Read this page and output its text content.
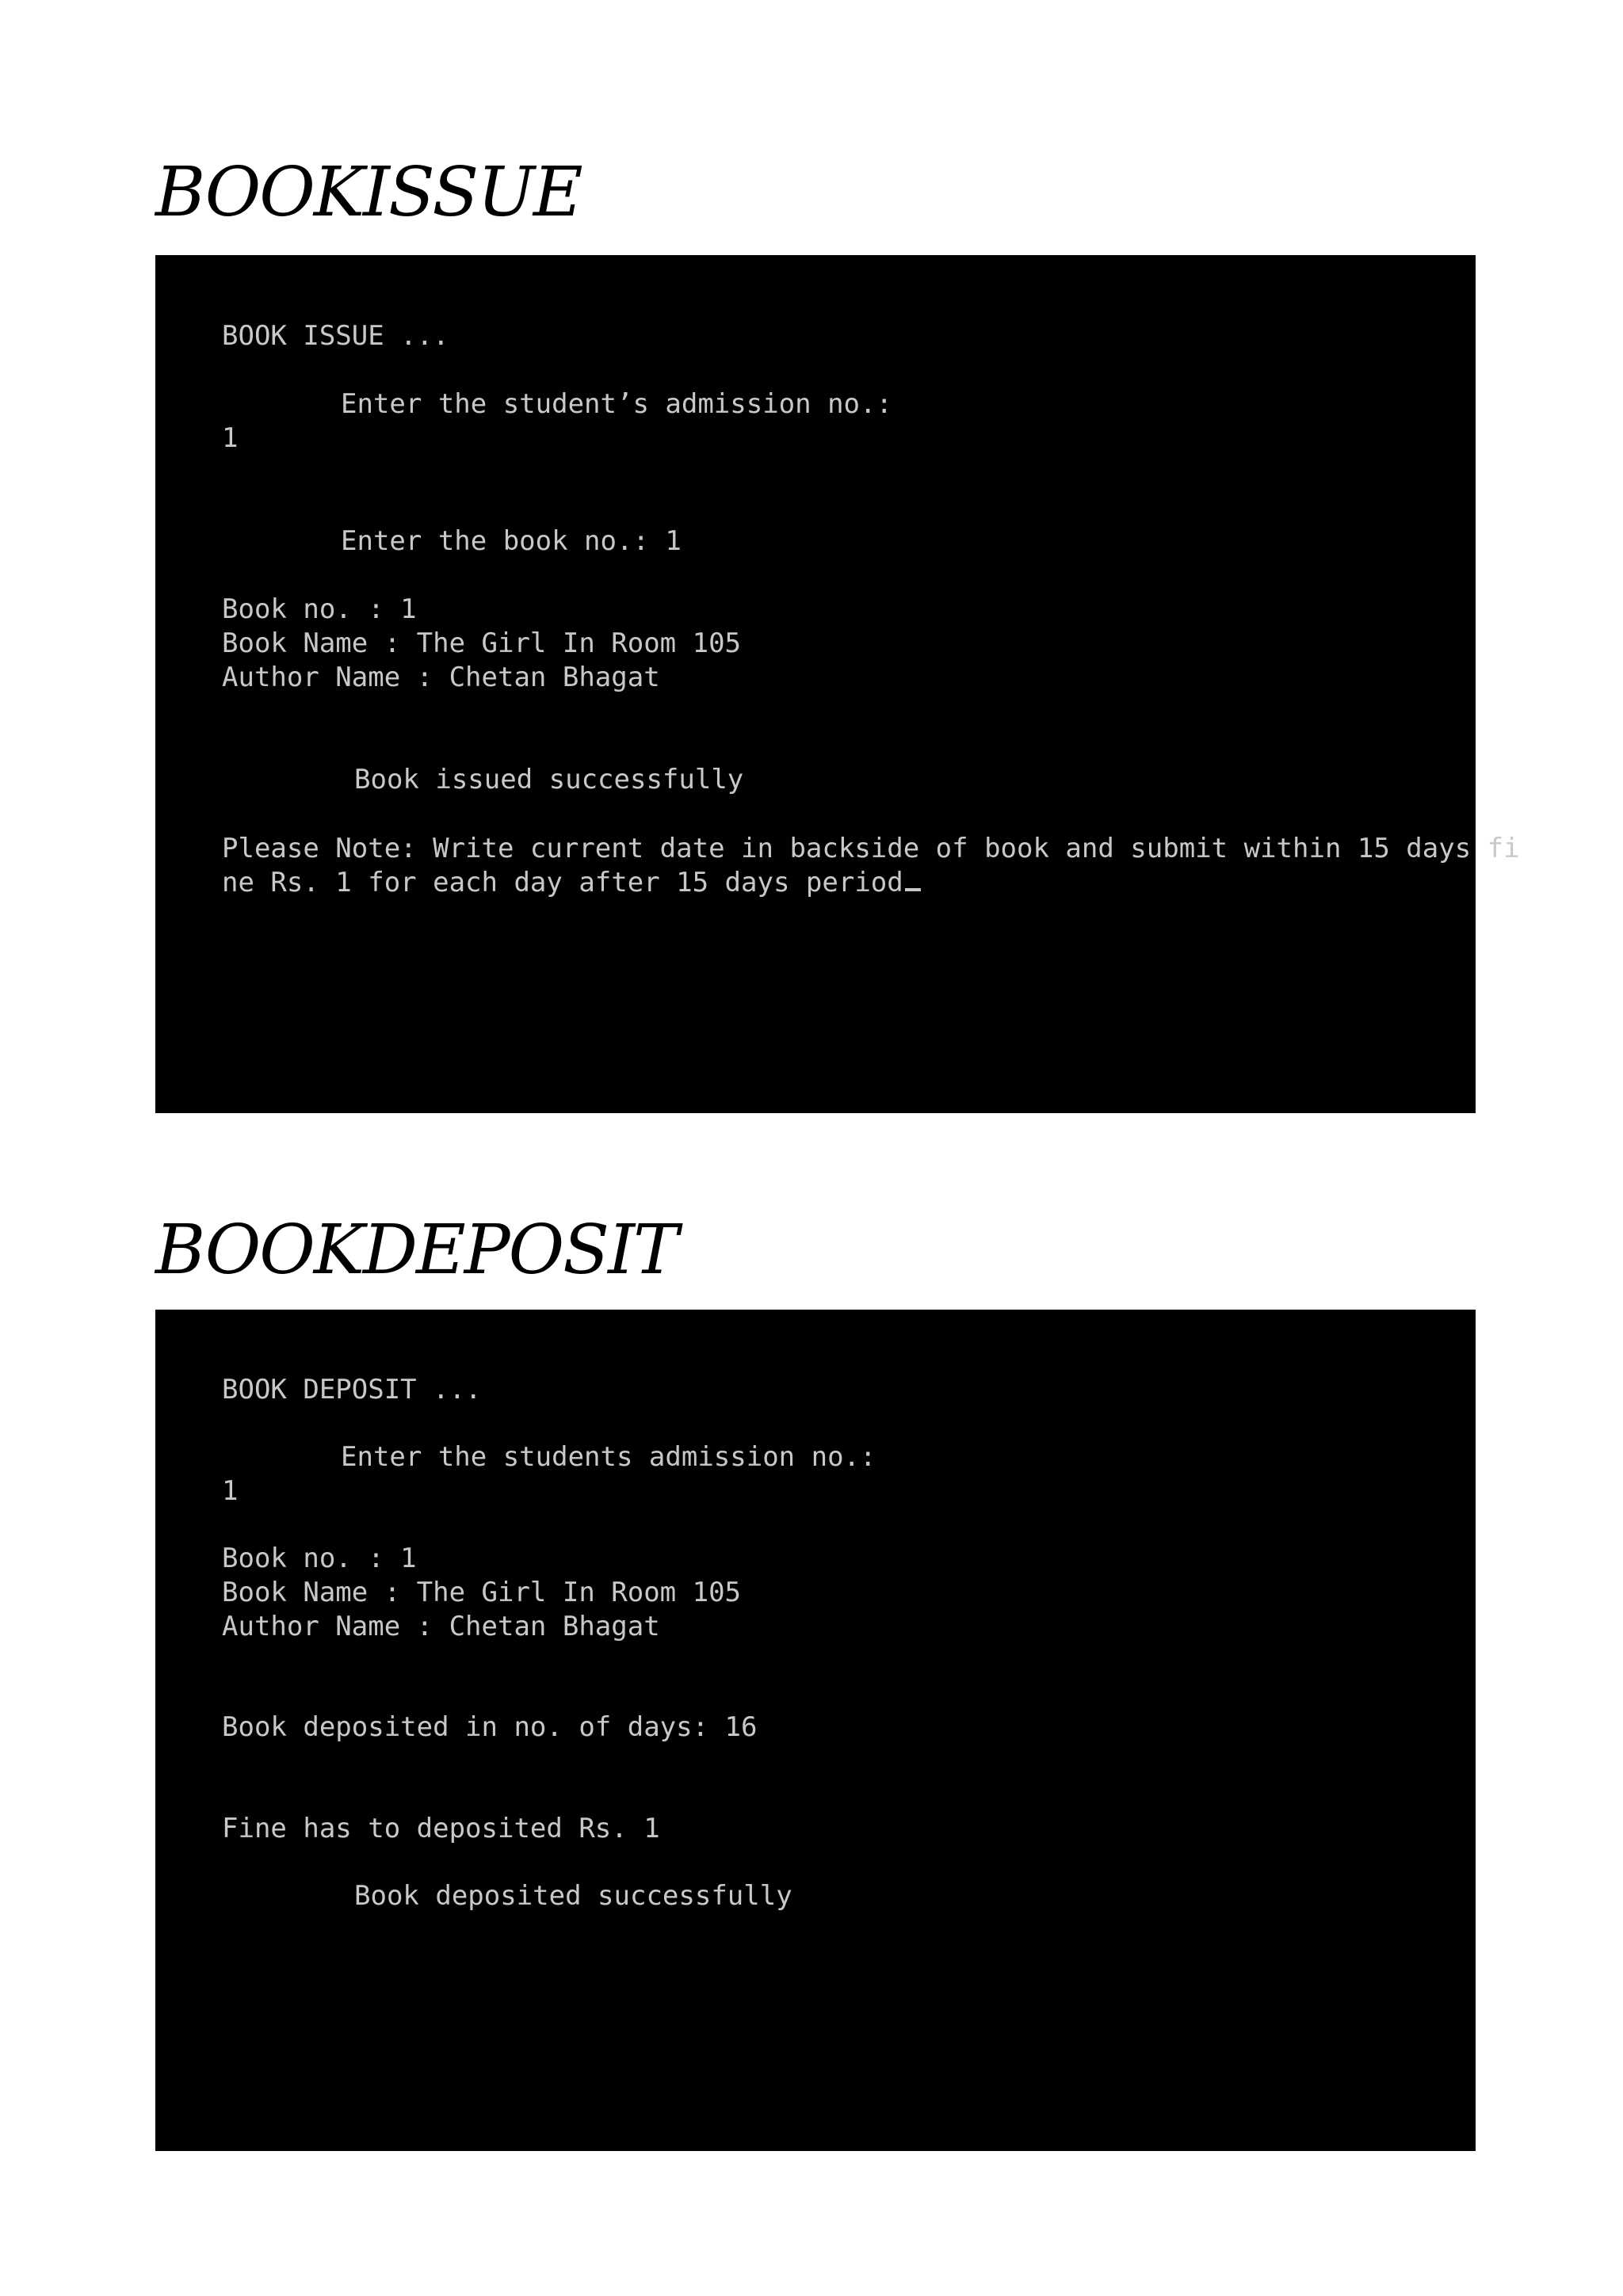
BOOKISSUE
BOOK ISSUE ...
Enter the student’s admission no.:
1
Enter the book no.: 1
Book no. : 1
Book Name : The Girl In Room 105
Author Name : Chetan Bhagat
Book issued successfully
Please Note: Write current date in backside of book and submit within 15 days fi
ne Rs. 1 for each day after 15 days period
BOOKDEPOSIT
BOOK DEPOSIT ...
Enter the students admission no.:
1
Book no. : 1
Book Name : The Girl In Room 105
Author Name : Chetan Bhagat
Book deposited in no. of days: 16
Fine has to deposited Rs. 1
Book deposited successfully
